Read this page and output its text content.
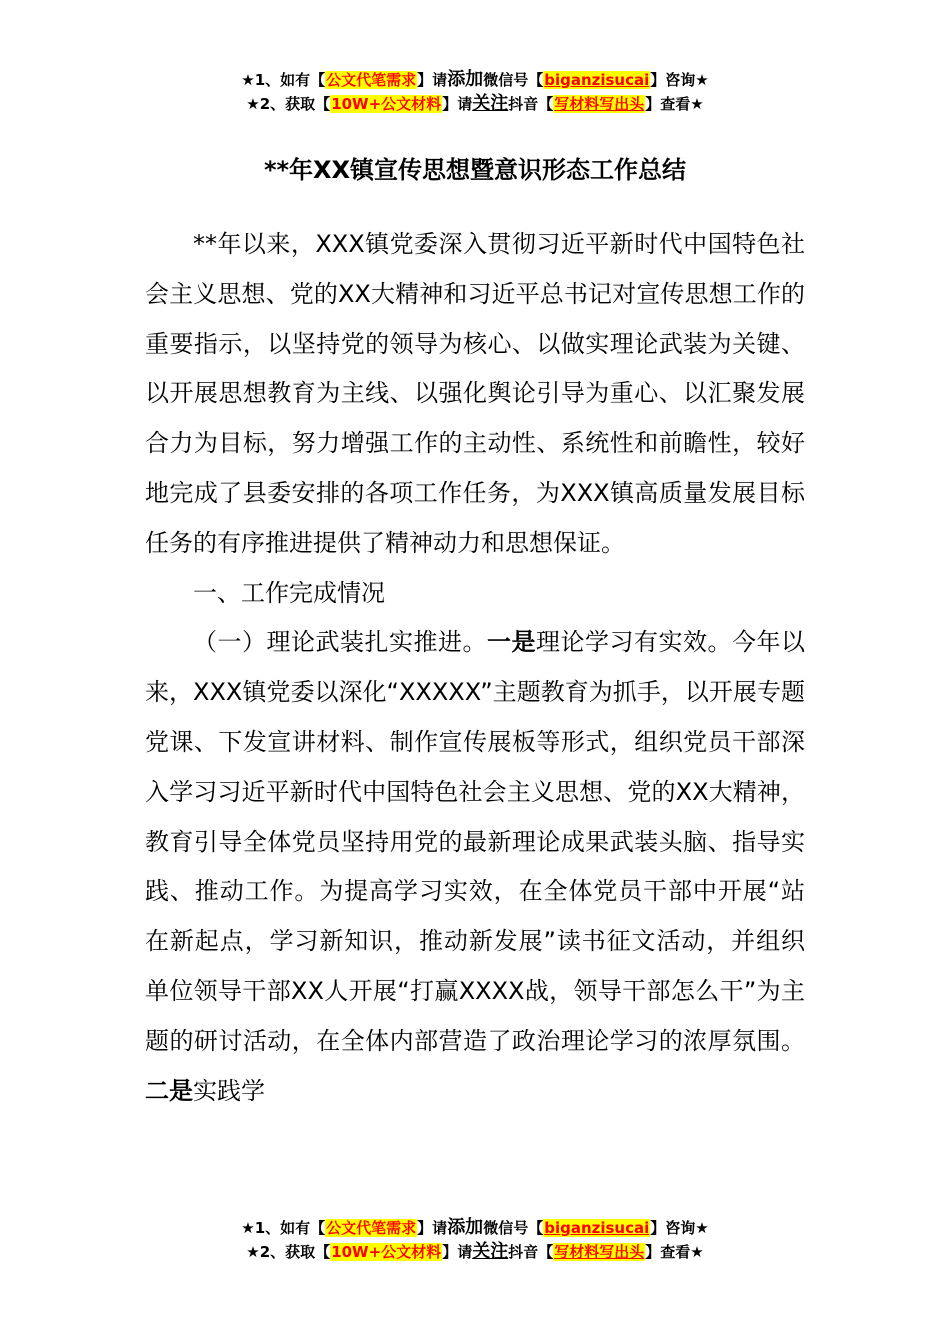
★1、如有【公文代笔需求】请添加微信号【biganzisucai】咨询★
★2、获取【10W+公文材料】请关注抖音【写材料写出头】查看★
**年XX镇宣传思想暨意识形态工作总结

**年以来，XXX镇党委深入贯彻习近平新时代中国特色社会主义思想、党的XX大精神和习近平总书记对宣传思想工作的重要指示，以坚持党的领导为核心、以做实理论武装为关键、以开展思想教育为主线、以强化舆论引导为重心、以汇聚发展合力为目标，努力增强工作的主动性、系统性和前瞻性，较好地完成了县委安排的各项工作任务，为XXX镇高质量发展目标任务的有序推进提供了精神动力和思想保证。

一、工作完成情况

（一）理论武装扎实推进。一是理论学习有实效。今年以来，XXX镇党委以深化“XXXXX”主题教育为抓手，以开展专题党课、下发宣讲材料、制作宣传展板等形式，组织党员干部深入学习习近平新时代中国特色社会主义思想、党的XX大精神，教育引导全体党员坚持用党的最新理论成果武装头脑、指导实践、推动工作。为提高学习实效，在全体党员干部中开展“站在新起点，学习新知识，推动新发展”读书征文活动，并组织单位领导干部XX人开展“打赢XXXX战，领导干部怎么干”为主题的研讨活动，在全体内部营造了政治理论学习的浓厚氛围。二是实践学

★1、如有【公文代笔需求】请添加微信号【biganzisucai】咨询★
★2、获取【10W+公文材料】请关注抖音【写材料写出头】查看★
